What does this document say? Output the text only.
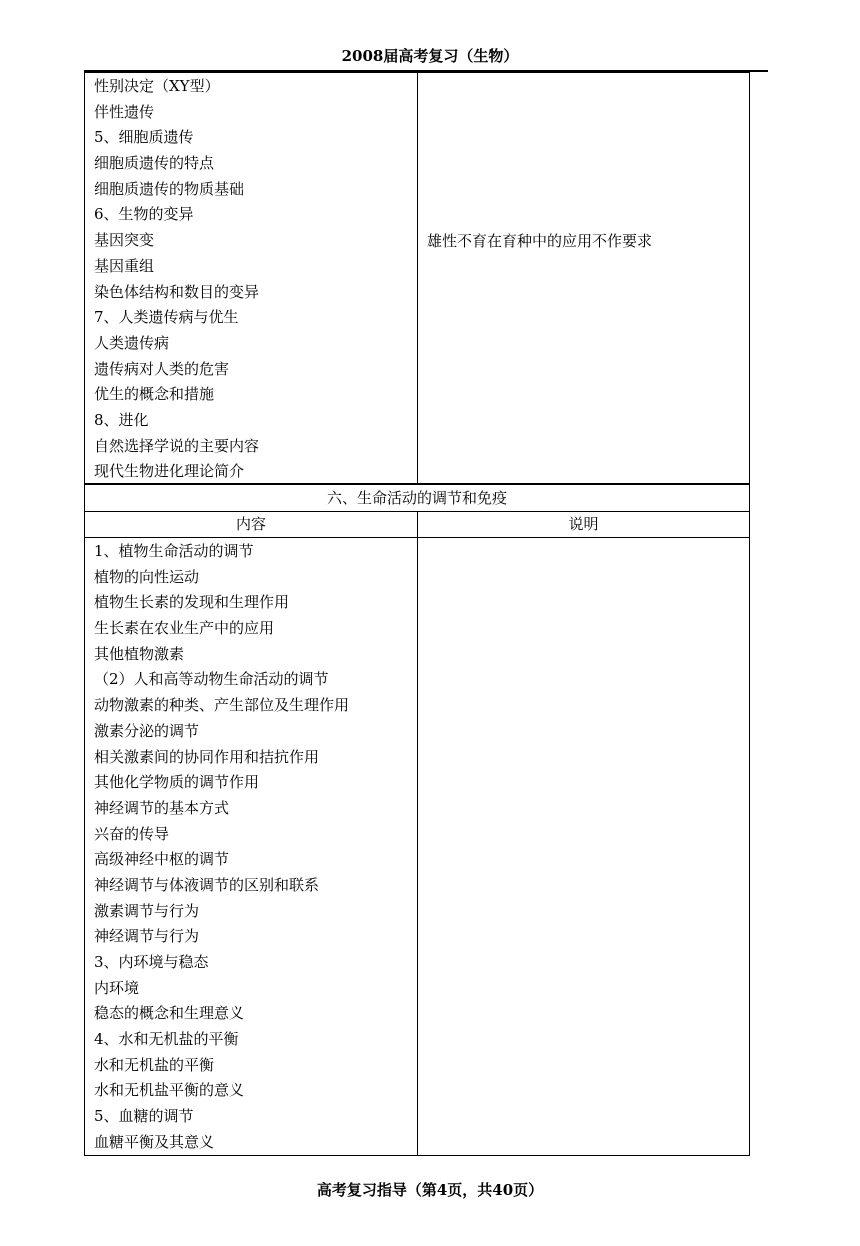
2008届高考复习（生物）
性别决定（XY型）
伴性遗传
5、细胞质遗传
细胞质遗传的特点
细胞质遗传的物质基础
6、生物的变异
基因突变
基因重组
染色体结构和数目的变异
7、人类遗传病与优生
人类遗传病
遗传病对人类的危害
优生的概念和措施
8、进化
自然选择学说的主要内容
现代生物进化理论简介
雄性不育在育种中的应用不作要求
六、生命活动的调节和免疫
内容	说明
1、植物生命活动的调节
植物的向性运动
植物生长素的发现和生理作用
生长素在农业生产中的应用
其他植物激素
（2）人和高等动物生命活动的调节
动物激素的种类、产生部位及生理作用
激素分泌的调节
相关激素间的协同作用和拮抗作用
其他化学物质的调节作用
神经调节的基本方式
兴奋的传导
高级神经中枢的调节
神经调节与体液调节的区别和联系
激素调节与行为
神经调节与行为
3、内环境与稳态
内环境
稳态的概念和生理意义
4、水和无机盐的平衡
水和无机盐的平衡
水和无机盐平衡的意义
5、血糖的调节
血糖平衡及其意义
高考复习指导（第4页，共40页）
